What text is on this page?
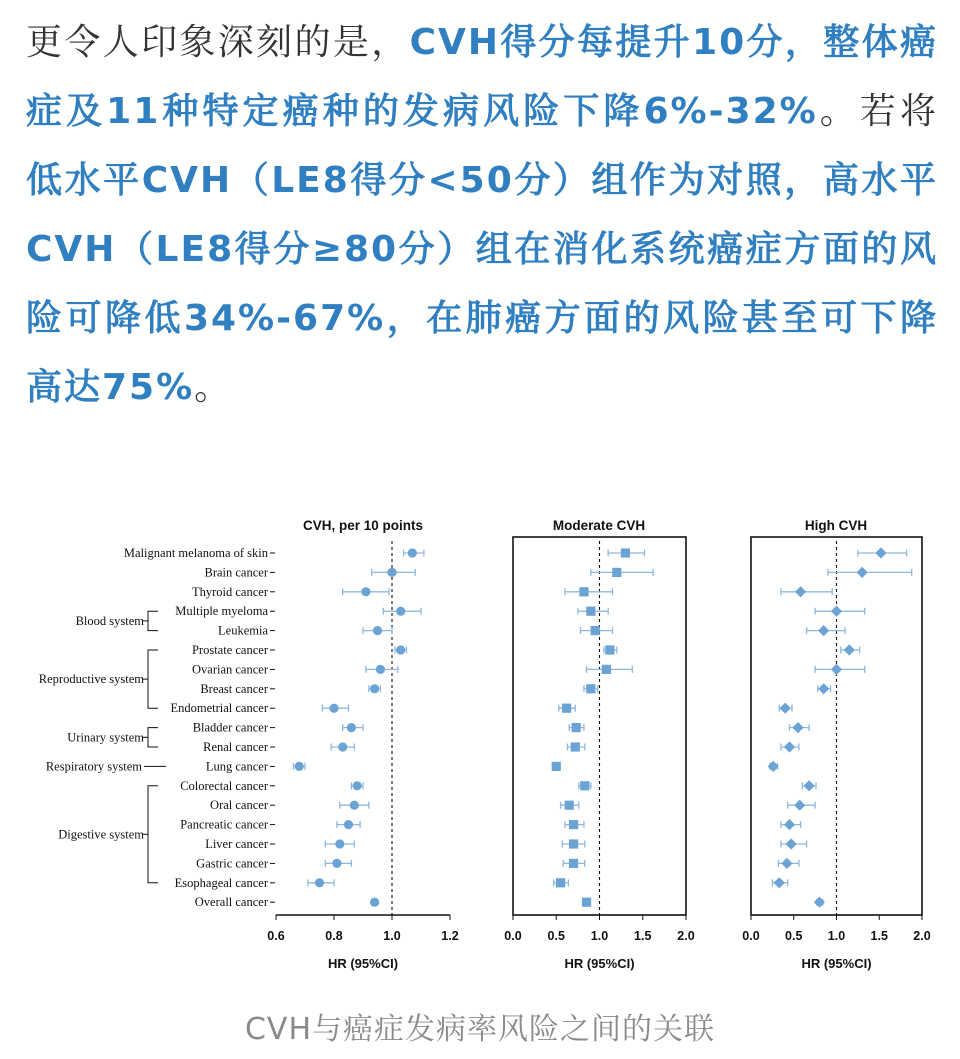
更令人印象深刻的是，CVH得分每提升10分，整体癌症及11种特定癌种的发病风险下降6%-32%。若将低水平CVH（LE8得分<50分）组作为对照，高水平CVH（LE8得分≥80分）组在消化系统癌症方面的风险可降低34%-67%，在肺癌方面的风险甚至可下降高达75%。
Malignant melanoma of skin
Brain cancer
Thyroid cancer
Multiple myeloma
Leukemia
Prostate cancer
Ovarian cancer
Breast cancer
Endometrial cancer
Bladder cancer
Renal cancer
Lung cancer
Colorectal cancer
Oral cancer
Pancreatic cancer
Liver cancer
Gastric cancer
Esophageal cancer
Overall cancer
Blood system
Reproductive system
Urinary system
Respiratory system
Digestive system
CVH, per 10 points
0.6	0.8	1.0	1.2
HR (95%CI)
Moderate CVH
0.0 0.5 1.0 1.5 2.0
HR (95%CI)
High CVH
0.0 0.5 1.0 1.5 2.0
HR (95%CI)
CVH与癌症发病率风险之间的关联
